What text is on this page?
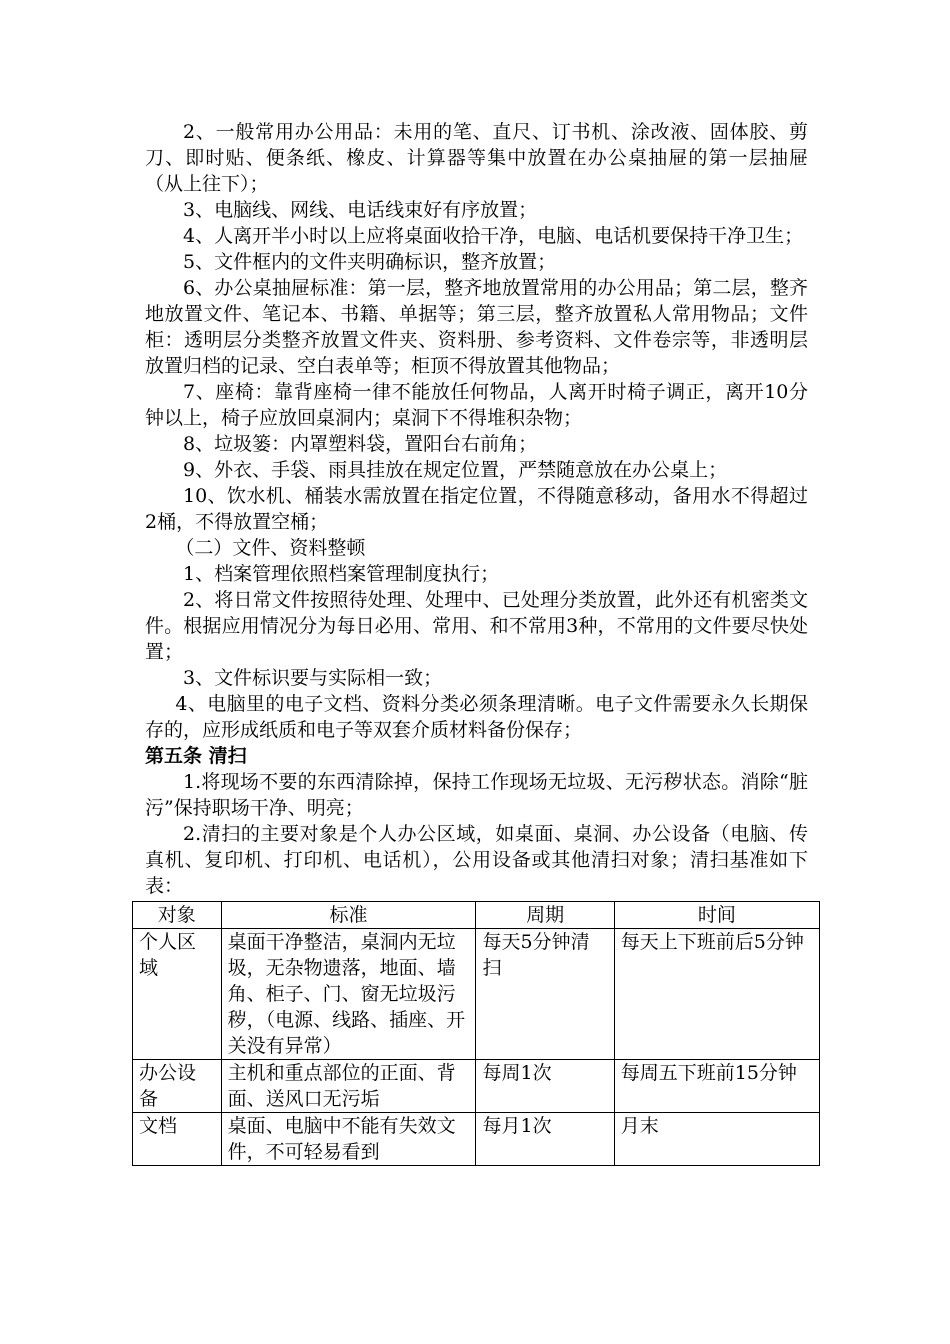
2、一般常用办公用品：未用的笔、直尺、订书机、涂改液、固体胶、剪刀、即时贴、便条纸、橡皮、计算器等集中放置在办公桌抽屉的第一层抽屉（从上往下）；

3、电脑线、网线、电话线束好有序放置；

4、人离开半小时以上应将桌面收拾干净，电脑、电话机要保持干净卫生；

5、文件框内的文件夹明确标识，整齐放置；

6、办公桌抽屉标准：第一层，整齐地放置常用的办公用品；第二层，整齐地放置文件、笔记本、书籍、单据等；第三层，整齐放置私人常用物品；文件柜：透明层分类整齐放置文件夹、资料册、参考资料、文件卷宗等，非透明层放置归档的记录、空白表单等；柜顶不得放置其他物品；

7、座椅：靠背座椅一律不能放任何物品，人离开时椅子调正，离开10分钟以上，椅子应放回桌洞内；桌洞下不得堆积杂物；

8、垃圾篓：内罩塑料袋，置阳台右前角；

9、外衣、手袋、雨具挂放在规定位置，严禁随意放在办公桌上；

10、饮水机、桶装水需放置在指定位置，不得随意移动，备用水不得超过2桶，不得放置空桶；

（二）文件、资料整顿

1、档案管理依照档案管理制度执行；

2、将日常文件按照待处理、处理中、已处理分类放置，此外还有机密类文件。根据应用情况分为每日必用、常用、和不常用3种，不常用的文件要尽快处置；

3、文件标识要与实际相一致；

4、电脑里的电子文档、资料分类必须条理清晰。电子文件需要永久长期保存的，应形成纸质和电子等双套介质材料备份保存；

第五条 清扫

1.将现场不要的东西清除掉，保持工作现场无垃圾、无污秽状态。消除“脏污”保持职场干净、明亮；

2.清扫的主要对象是个人办公区域，如桌面、桌洞、办公设备（电脑、传真机、复印机、打印机、电话机），公用设备或其他清扫对象；清扫基准如下表：

对象	标准	周期	时间
个人区域	桌面干净整洁，桌洞内无垃圾，无杂物遗落，地面、墙角、柜子、门、窗无垃圾污秽，（电源、线路、插座、开关没有异常）	每天5分钟清扫	每天上下班前后5分钟
办公设备	主机和重点部位的正面、背面、送风口无污垢	每周1次	每周五下班前15分钟
文档	桌面、电脑中不能有失效文件，不可轻易看到	每月1次	月末
